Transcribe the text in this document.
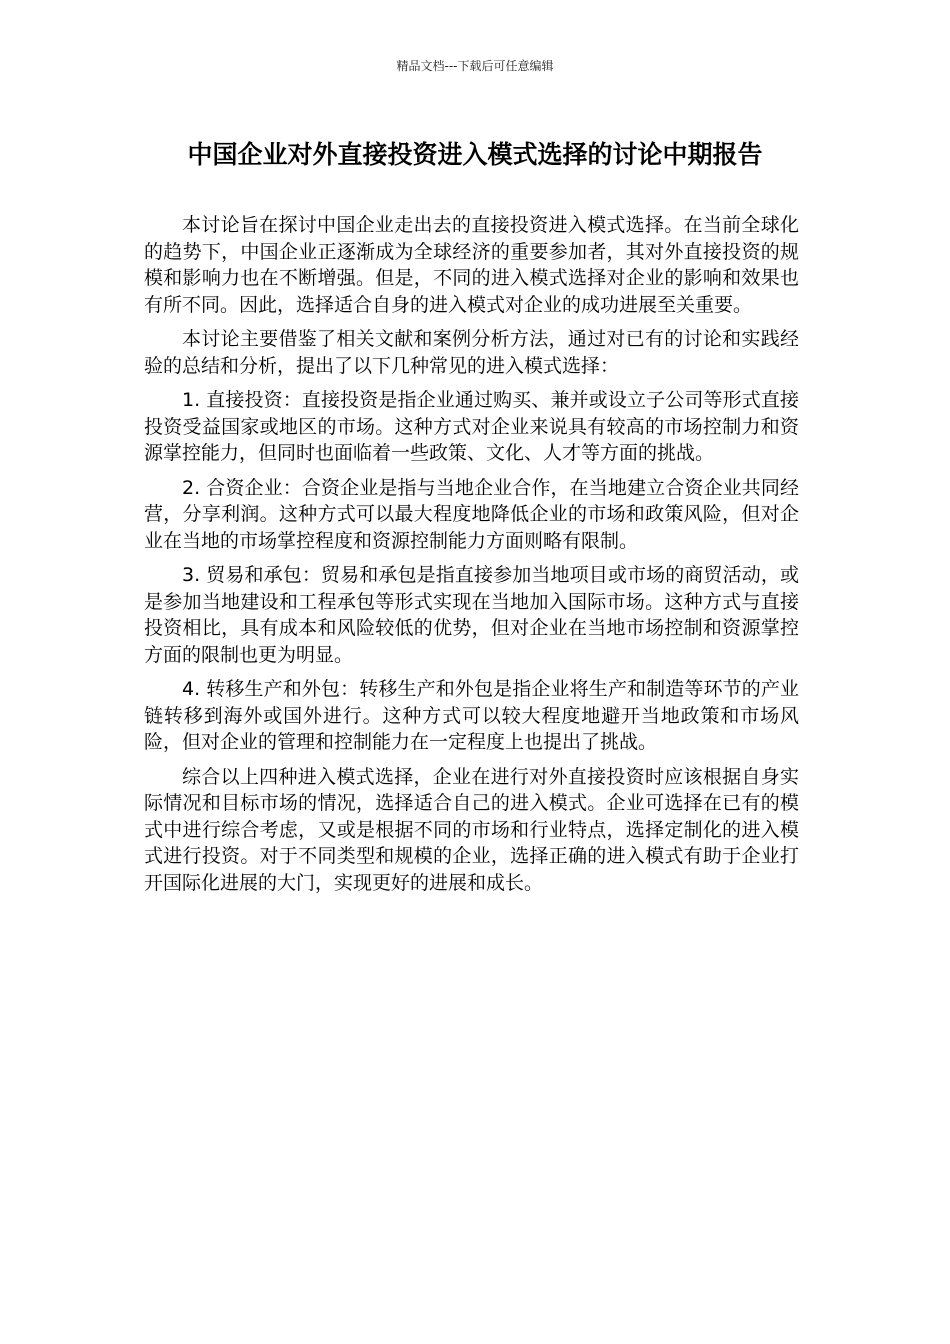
精品文档---下载后可任意编辑
中国企业对外直接投资进入模式选择的讨论中期报告

本讨论旨在探讨中国企业走出去的直接投资进入模式选择。在当前全球化的趋势下，中国企业正逐渐成为全球经济的重要参加者，其对外直接投资的规模和影响力也在不断增强。但是，不同的进入模式选择对企业的影响和效果也有所不同。因此，选择适合自身的进入模式对企业的成功进展至关重要。

本讨论主要借鉴了相关文献和案例分析方法，通过对已有的讨论和实践经验的总结和分析，提出了以下几种常见的进入模式选择：

1. 直接投资：直接投资是指企业通过购买、兼并或设立子公司等形式直接投资受益国家或地区的市场。这种方式对企业来说具有较高的市场控制力和资源掌控能力，但同时也面临着一些政策、文化、人才等方面的挑战。

2. 合资企业：合资企业是指与当地企业合作，在当地建立合资企业共同经营，分享利润。这种方式可以最大程度地降低企业的市场和政策风险，但对企业在当地的市场掌控程度和资源控制能力方面则略有限制。

3. 贸易和承包：贸易和承包是指直接参加当地项目或市场的商贸活动，或是参加当地建设和工程承包等形式实现在当地加入国际市场。这种方式与直接投资相比，具有成本和风险较低的优势，但对企业在当地市场控制和资源掌控方面的限制也更为明显。

4. 转移生产和外包：转移生产和外包是指企业将生产和制造等环节的产业链转移到海外或国外进行。这种方式可以较大程度地避开当地政策和市场风险，但对企业的管理和控制能力在一定程度上也提出了挑战。

综合以上四种进入模式选择，企业在进行对外直接投资时应该根据自身实际情况和目标市场的情况，选择适合自己的进入模式。企业可选择在已有的模式中进行综合考虑，又或是根据不同的市场和行业特点，选择定制化的进入模式进行投资。对于不同类型和规模的企业，选择正确的进入模式有助于企业打开国际化进展的大门，实现更好的进展和成长。
